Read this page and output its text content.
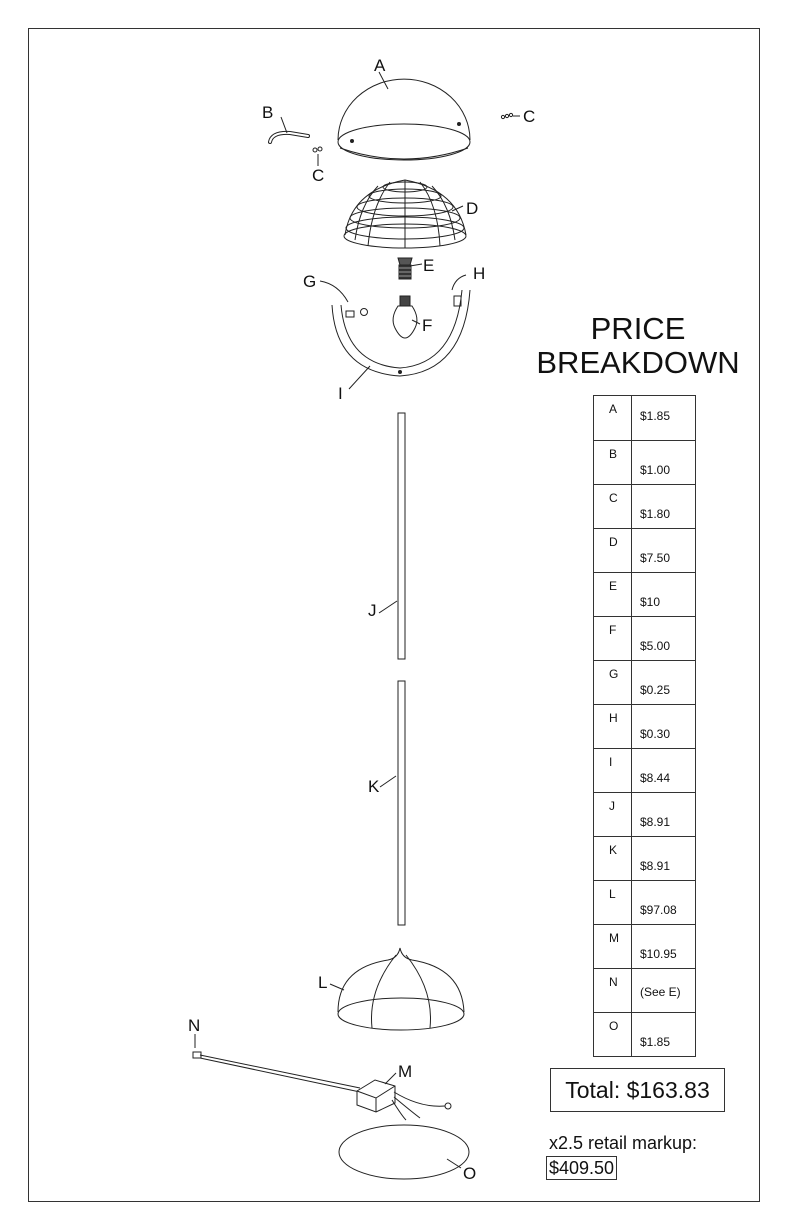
A
B	C
C
D
E
F
G	H
I
J
K
L
M
N
O
PRICE
BREAKDOWN
A	$1.85

B	$1.00

C	$1.80

D	$7.50

E	$10

F	$5.00

G	$0.25

H	$0.30

I	$8.44

J	$8.91

K	$8.91

L	$97.08

M	$10.95

N	(See E)

O	$1.85
Total: $163.83
x2.5 retail markup:
$409.50
